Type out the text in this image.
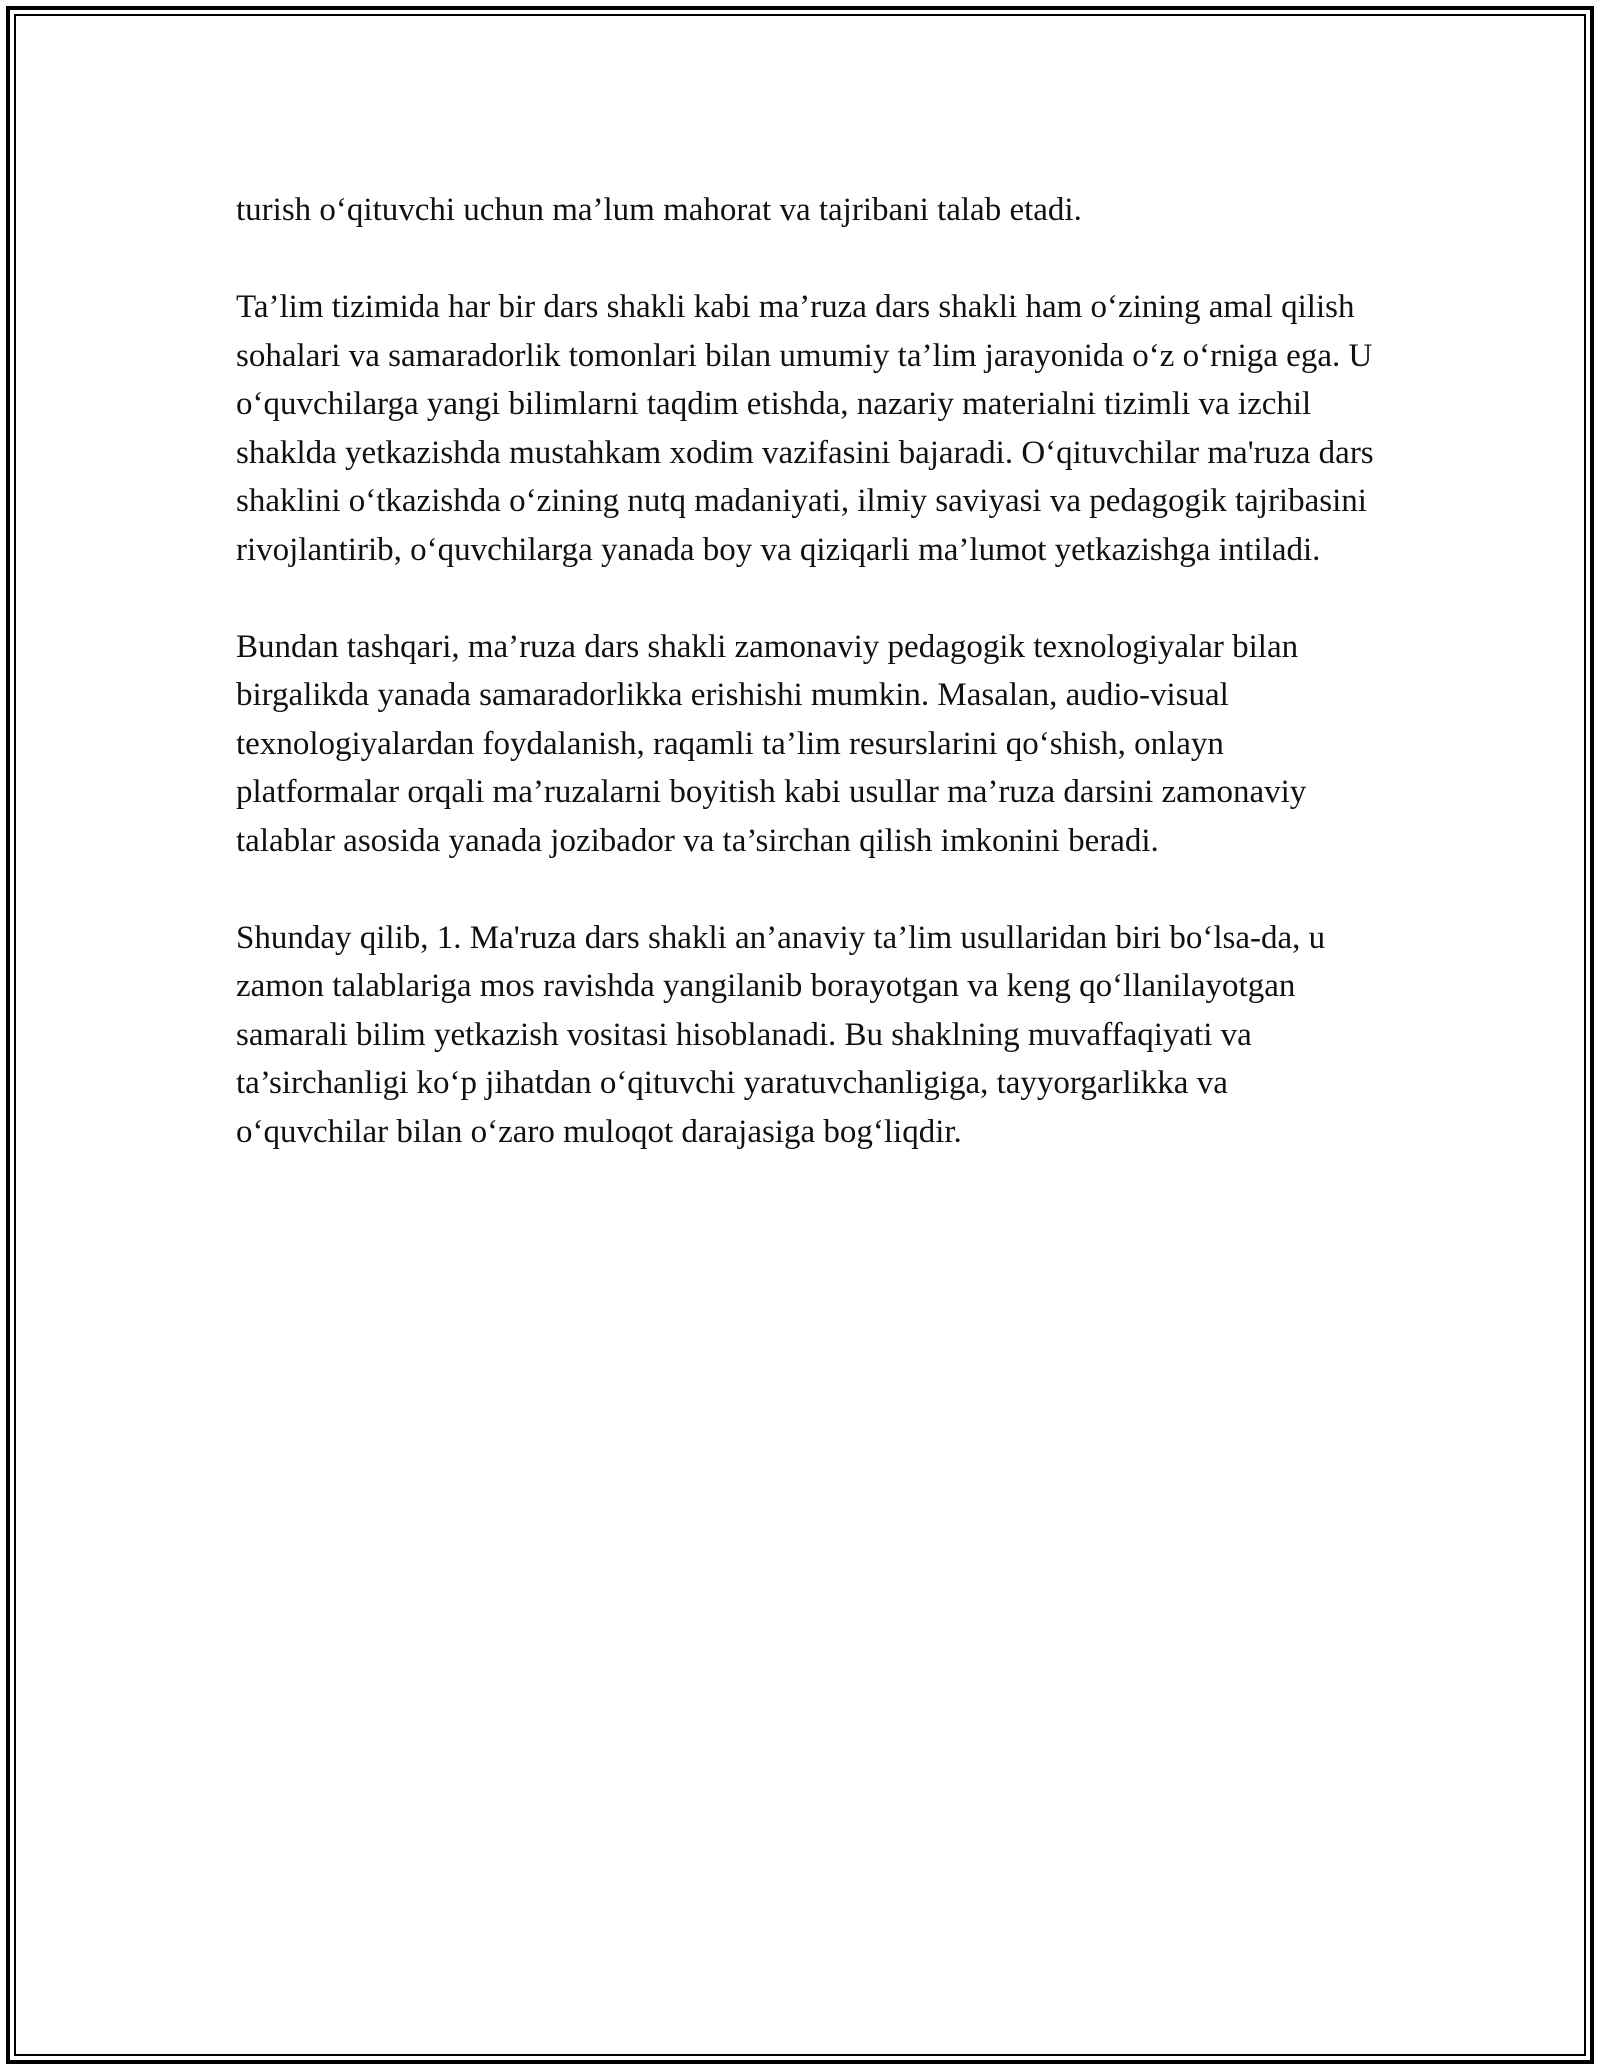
turish o‘qituvchi uchun ma’lum mahorat va tajribani talab etadi.

Ta’lim tizimida har bir dars shakli kabi ma’ruza dars shakli ham o‘zining amal qilish sohalari va samaradorlik tomonlari bilan umumiy ta’lim jarayonida o‘z o‘rniga ega. U o‘quvchilarga yangi bilimlarni taqdim etishda, nazariy materialni tizimli va izchil shaklda yetkazishda mustahkam xodim vazifasini bajaradi. O‘qituvchilar ma'ruza dars shaklini o‘tkazishda o‘zining nutq madaniyati, ilmiy saviyasi va pedagogik tajribasini rivojlantirib, o‘quvchilarga yanada boy va qiziqarli ma’lumot yetkazishga intiladi.

Bundan tashqari, ma’ruza dars shakli zamonaviy pedagogik texnologiyalar bilan birgalikda yanada samaradorlikka erishishi mumkin. Masalan, audio-visual texnologiyalardan foydalanish, raqamli ta’lim resurslarini qo‘shish, onlayn platformalar orqali ma’ruzalarni boyitish kabi usullar ma’ruza darsini zamonaviy talablar asosida yanada jozibador va ta’sirchan qilish imkonini beradi.

Shunday qilib, 1. Ma'ruza dars shakli an’anaviy ta’lim usullaridan biri bo‘lsa-da, u zamon talablariga mos ravishda yangilanib borayotgan va keng qo‘llanilayotgan samarali bilim yetkazish vositasi hisoblanadi. Bu shaklning muvaffaqiyati va ta’sirchanligi ko‘p jihatdan o‘qituvchi yaratuvchanligiga, tayyorgarlikka va o‘quvchilar bilan o‘zaro muloqot darajasiga bog‘liqdir.
